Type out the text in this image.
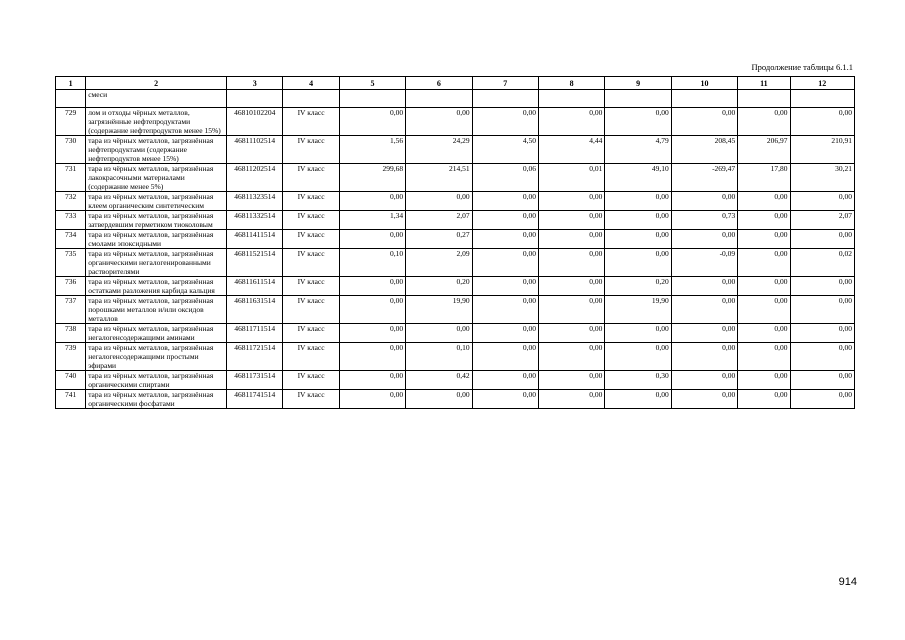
Продолжение таблицы 6.1.1
1	2	3	4	5	6	7	8	9	10	11	12
	смеси										
729	лом и отходы чёрных металлов, загрязнённые нефтепродуктами (содержание нефтепродуктов менее 15%)	46810102204	IV класс	0,00	0,00	0,00	0,00	0,00	0,00	0,00	0,00
730	тара из чёрных металлов, загрязнённая нефтепродуктами (содержание нефтепродуктов менее 15%)	46811102514	IV класс	1,56	24,29	4,50	4,44	4,79	208,45	206,97	210,91
731	тара из чёрных металлов, загрязнённая лакокрасочными материалами (содержание менее 5%)	46811202514	IV класс	299,68	214,51	0,06	0,01	49,10	-269,47	17,80	30,21
732	тара из чёрных металлов, загрязнённая клеем органическим синтетическим	46811323514	IV класс	0,00	0,00	0,00	0,00	0,00	0,00	0,00	0,00
733	тара из чёрных металлов, загрязнённая затвердевшим герметиком тиоколовым	46811332514	IV класс	1,34	2,07	0,00	0,00	0,00	0,73	0,00	2,07
734	тара из чёрных металлов, загрязнённая смолами эпоксидными	46811411514	IV класс	0,00	0,27	0,00	0,00	0,00	0,00	0,00	0,00
735	тара из чёрных металлов, загрязнённая органическими негалогенированными растворителями	46811521514	IV класс	0,10	2,09	0,00	0,00	0,00	-0,09	0,00	0,02
736	тара из чёрных металлов, загрязнённая остатками разложения карбида кальция	46811611514	IV класс	0,00	0,20	0,00	0,00	0,20	0,00	0,00	0,00
737	тара из чёрных металлов, загрязнённая порошками металлов и/или оксидов металлов	46811631514	IV класс	0,00	19,90	0,00	0,00	19,90	0,00	0,00	0,00
738	тара из чёрных металлов, загрязнённая негалогенсодержащими аминами	46811711514	IV класс	0,00	0,00	0,00	0,00	0,00	0,00	0,00	0,00
739	тара из чёрных металлов, загрязнённая негалогенсодержащими простыми эфирами	46811721514	IV класс	0,00	0,10	0,00	0,00	0,00	0,00	0,00	0,00
740	тара из чёрных металлов, загрязнённая органическими спиртами	46811731514	IV класс	0,00	0,42	0,00	0,00	0,30	0,00	0,00	0,00
741	тара из чёрных металлов, загрязнённая органическими фосфатами	46811741514	IV класс	0,00	0,00	0,00	0,00	0,00	0,00	0,00	0,00
914
